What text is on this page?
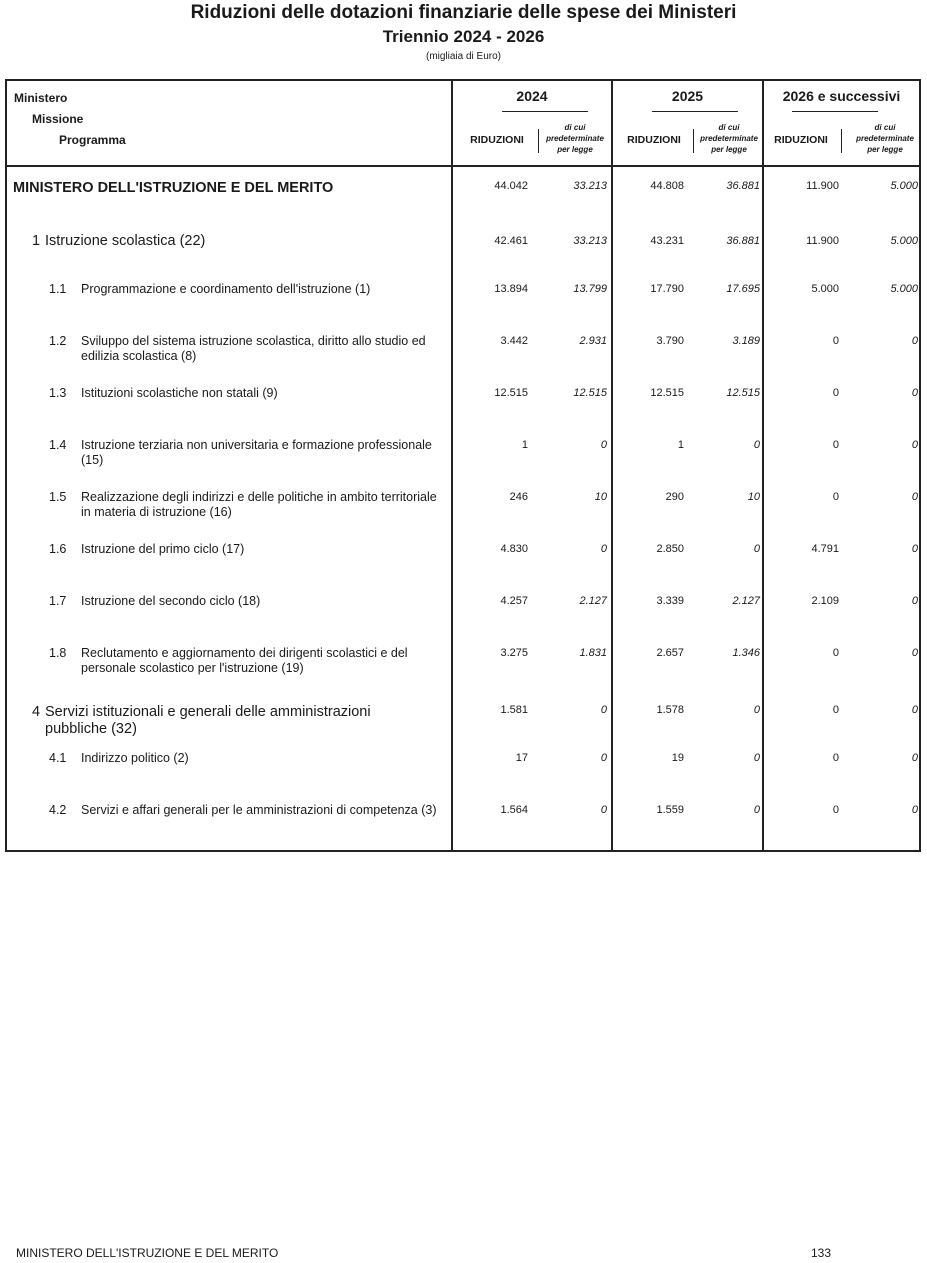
Riduzioni delle dotazioni finanziarie delle spese dei Ministeri
Triennio 2024 - 2026
(migliaia di Euro)
Ministero
Missione
Programma
2024	2025	2026 e successivi
RIDUZIONI
di cui
predeterminate
per legge
RIDUZIONI
di cui
predeterminate
per legge
RIDUZIONI
di cui
predeterminate
per legge
MINISTERO DELL'ISTRUZIONE E DEL MERITO	44.042	33.213	44.808	36.881	11.900	5.000
1 Istruzione scolastica (22)	42.461	33.213	43.231	36.881	11.900	5.000
1.1 Programmazione e coordinamento dell'istruzione (1)	13.894	13.799	17.790	17.695	5.000	5.000
1.2 Sviluppo del sistema istruzione scolastica, diritto allo studio ed edilizia scolastica (8)
3.442	2.931	3.790	3.189	0	0
1.3 Istituzioni scolastiche non statali (9)	12.515	12.515	12.515	12.515	0	0
1.4 Istruzione terziaria non universitaria e formazione professionale (15)
1	0	1	0	0	0
1.5 Realizzazione degli indirizzi e delle politiche in ambito territoriale in materia di istruzione (16)
246	10	290	10	0	0
1.6 Istruzione del primo ciclo (17)	4.830	0	2.850	0	4.791	0
1.7 Istruzione del secondo ciclo (18)	4.257	2.127	3.339	2.127	2.109	0
1.8 Reclutamento e aggiornamento dei dirigenti scolastici e del personale scolastico per l'istruzione (19)
3.275	1.831	2.657	1.346	0	0
4 Servizi istituzionali e generali delle amministrazioni pubbliche (32)
1.581	0	1.578	0	0	0
4.1 Indirizzo politico (2)	17	0	19	0	0	0
4.2 Servizi e affari generali per le amministrazioni di competenza (3)	1.564	0	1.559	0	0	0
MINISTERO DELL'ISTRUZIONE E DEL MERITO	133
